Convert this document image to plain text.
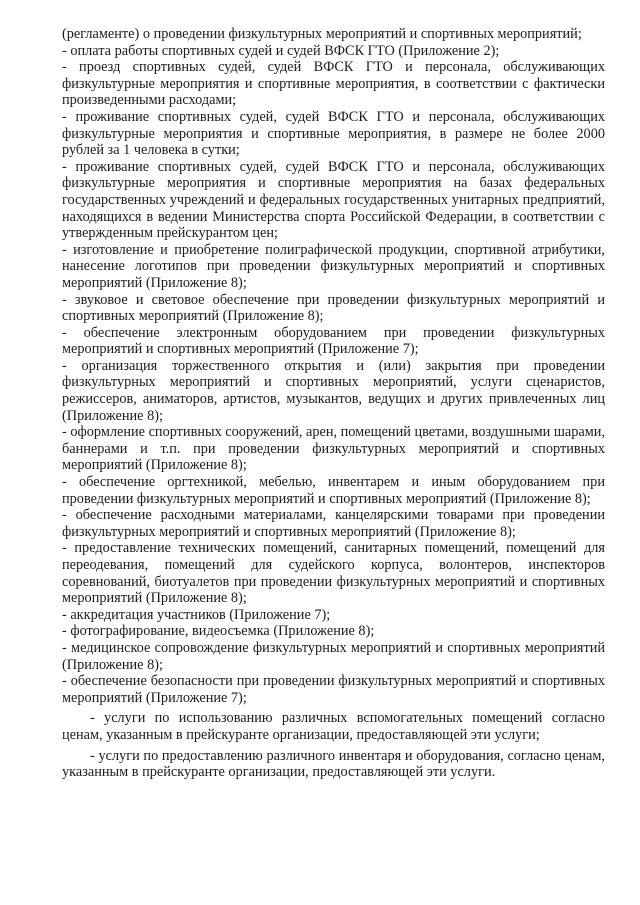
(регламенте) о проведении физкультурных мероприятий и спортивных мероприятий;

- оплата работы спортивных судей и судей ВФСК ГТО (Приложение 2);

- проезд спортивных судей, судей ВФСК ГТО и персонала, обслуживающих физкультурные мероприятия и спортивные мероприятия, в соответствии с фактически произведенными расходами;

- проживание спортивных судей, судей ВФСК ГТО и персонала, обслуживающих физкультурные мероприятия и спортивные мероприятия, в размере не более 2000 рублей за 1 человека в сутки;

- проживание спортивных судей, судей ВФСК ГТО и персонала, обслуживающих физкультурные мероприятия и спортивные мероприятия на базах федеральных государственных учреждений и федеральных государственных унитарных предприятий, находящихся в ведении Министерства спорта Российской Федерации, в соответствии с утвержденным прейскурантом цен;

- изготовление и приобретение полиграфической продукции, спортивной атрибутики, нанесение логотипов при проведении физкультурных мероприятий и спортивных мероприятий (Приложение 8);

- звуковое и световое обеспечение при проведении физкультурных мероприятий и спортивных мероприятий (Приложение 8);

- обеспечение электронным оборудованием при проведении физкультурных мероприятий и спортивных мероприятий (Приложение 7);

- организация торжественного открытия и (или) закрытия при проведении физкультурных мероприятий и спортивных мероприятий, услуги сценаристов, режиссеров, аниматоров, артистов, музыкантов, ведущих и других привлеченных лиц (Приложение 8);

- оформление спортивных сооружений, арен, помещений цветами, воздушными шарами, баннерами и т.п. при проведении физкультурных мероприятий и спортивных мероприятий (Приложение 8);

- обеспечение оргтехникой, мебелью, инвентарем и иным оборудованием при проведении физкультурных мероприятий и спортивных мероприятий (Приложение 8);

- обеспечение расходными материалами, канцелярскими товарами при проведении физкультурных мероприятий и спортивных мероприятий (Приложение 8);

- предоставление технических помещений, санитарных помещений, помещений для переодевания, помещений для судейского корпуса, волонтеров, инспекторов соревнований, биотуалетов при проведении физкультурных мероприятий и спортивных мероприятий (Приложение 8);

- аккредитация участников (Приложение 7);

- фотографирование, видеосъемка (Приложение 8);

- медицинское сопровождение физкультурных мероприятий и спортивных мероприятий (Приложение 8);

- обеспечение безопасности при проведении физкультурных мероприятий и спортивных мероприятий (Приложение 7);

- услуги по использованию различных вспомогательных помещений согласно ценам, указанным в прейскуранте организации, предоставляющей эти услуги;

- услуги по предоставлению различного инвентаря и оборудования, согласно ценам, указанным в прейскуранте организации, предоставляющей эти услуги.
